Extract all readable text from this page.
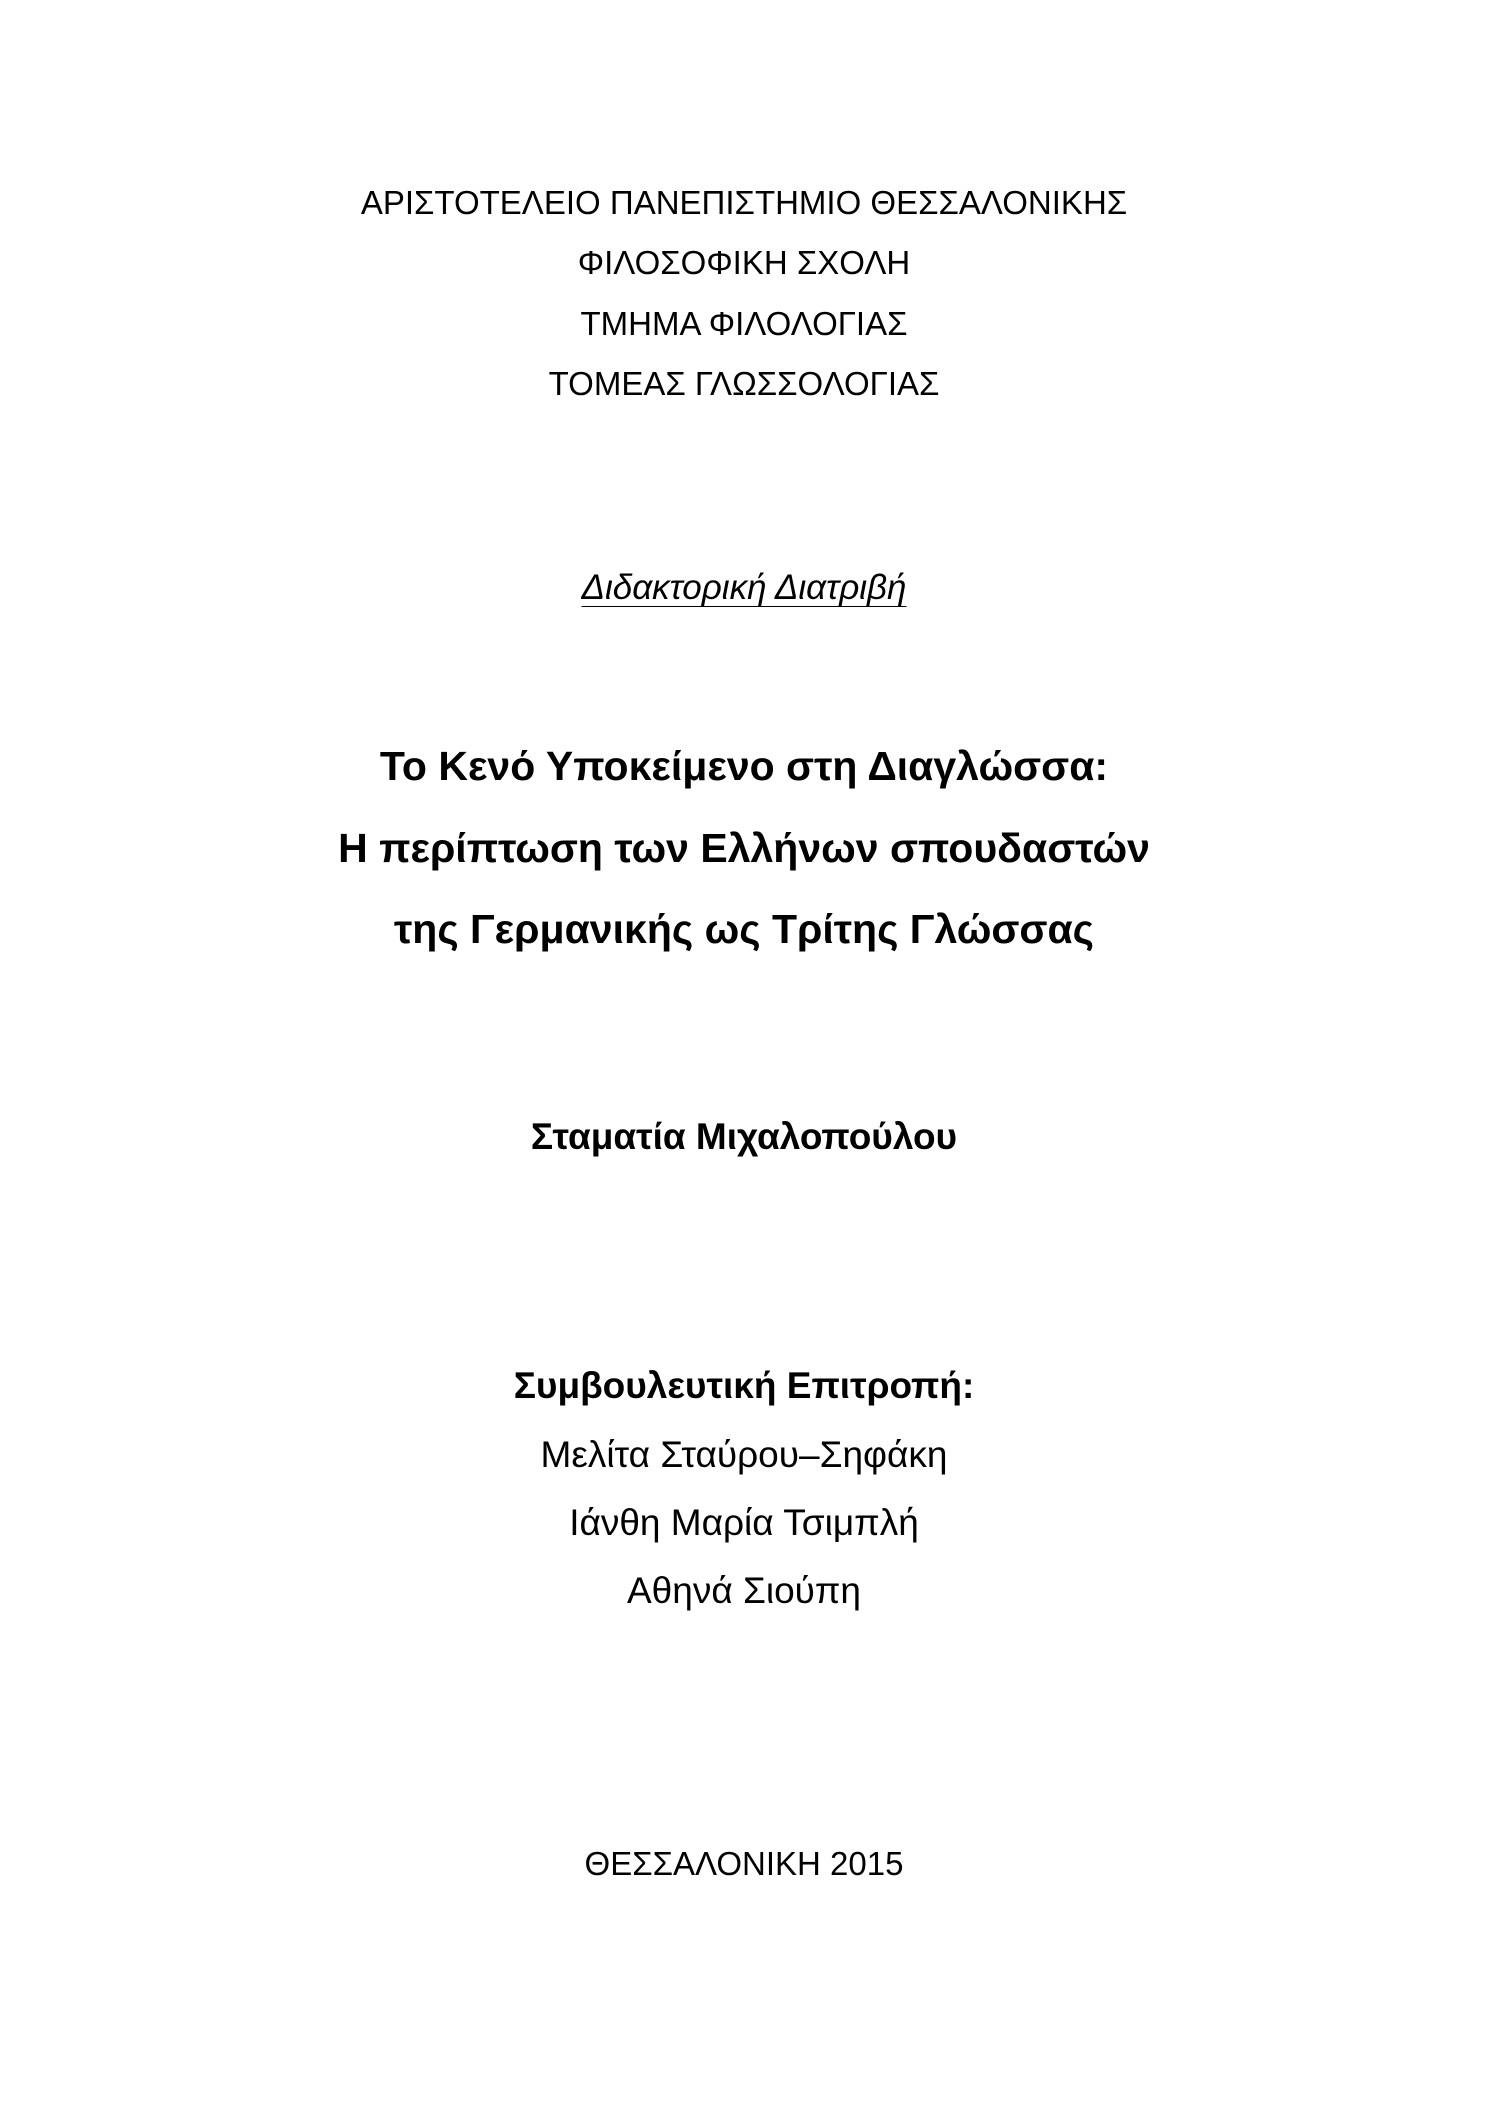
ΑΡΙΣΤΟΤΕΛΕΙΟ ΠΑΝΕΠΙΣΤΗΜΙΟ ΘΕΣΣΑΛΟΝΙΚΗΣ
ΦΙΛΟΣΟΦΙΚΗ ΣΧΟΛΗ
ΤΜΗΜΑ ΦΙΛΟΛΟΓΙΑΣ
ΤΟΜΕΑΣ ΓΛΩΣΣΟΛΟΓΙΑΣ
Διδακτορική Διατριβή
Το Κενό Υποκείμενο στη Διαγλώσσα:
Η περίπτωση των Ελλήνων σπουδαστών
της Γερμανικής ως Τρίτης Γλώσσας
Σταματία Μιχαλοπούλου
Συμβουλευτική Επιτροπή:
Μελίτα Σταύρου–Σηφάκη
Ιάνθη Μαρία Τσιμπλή
Αθηνά Σιούπη
ΘΕΣΣΑΛΟΝΙΚΗ 2015
